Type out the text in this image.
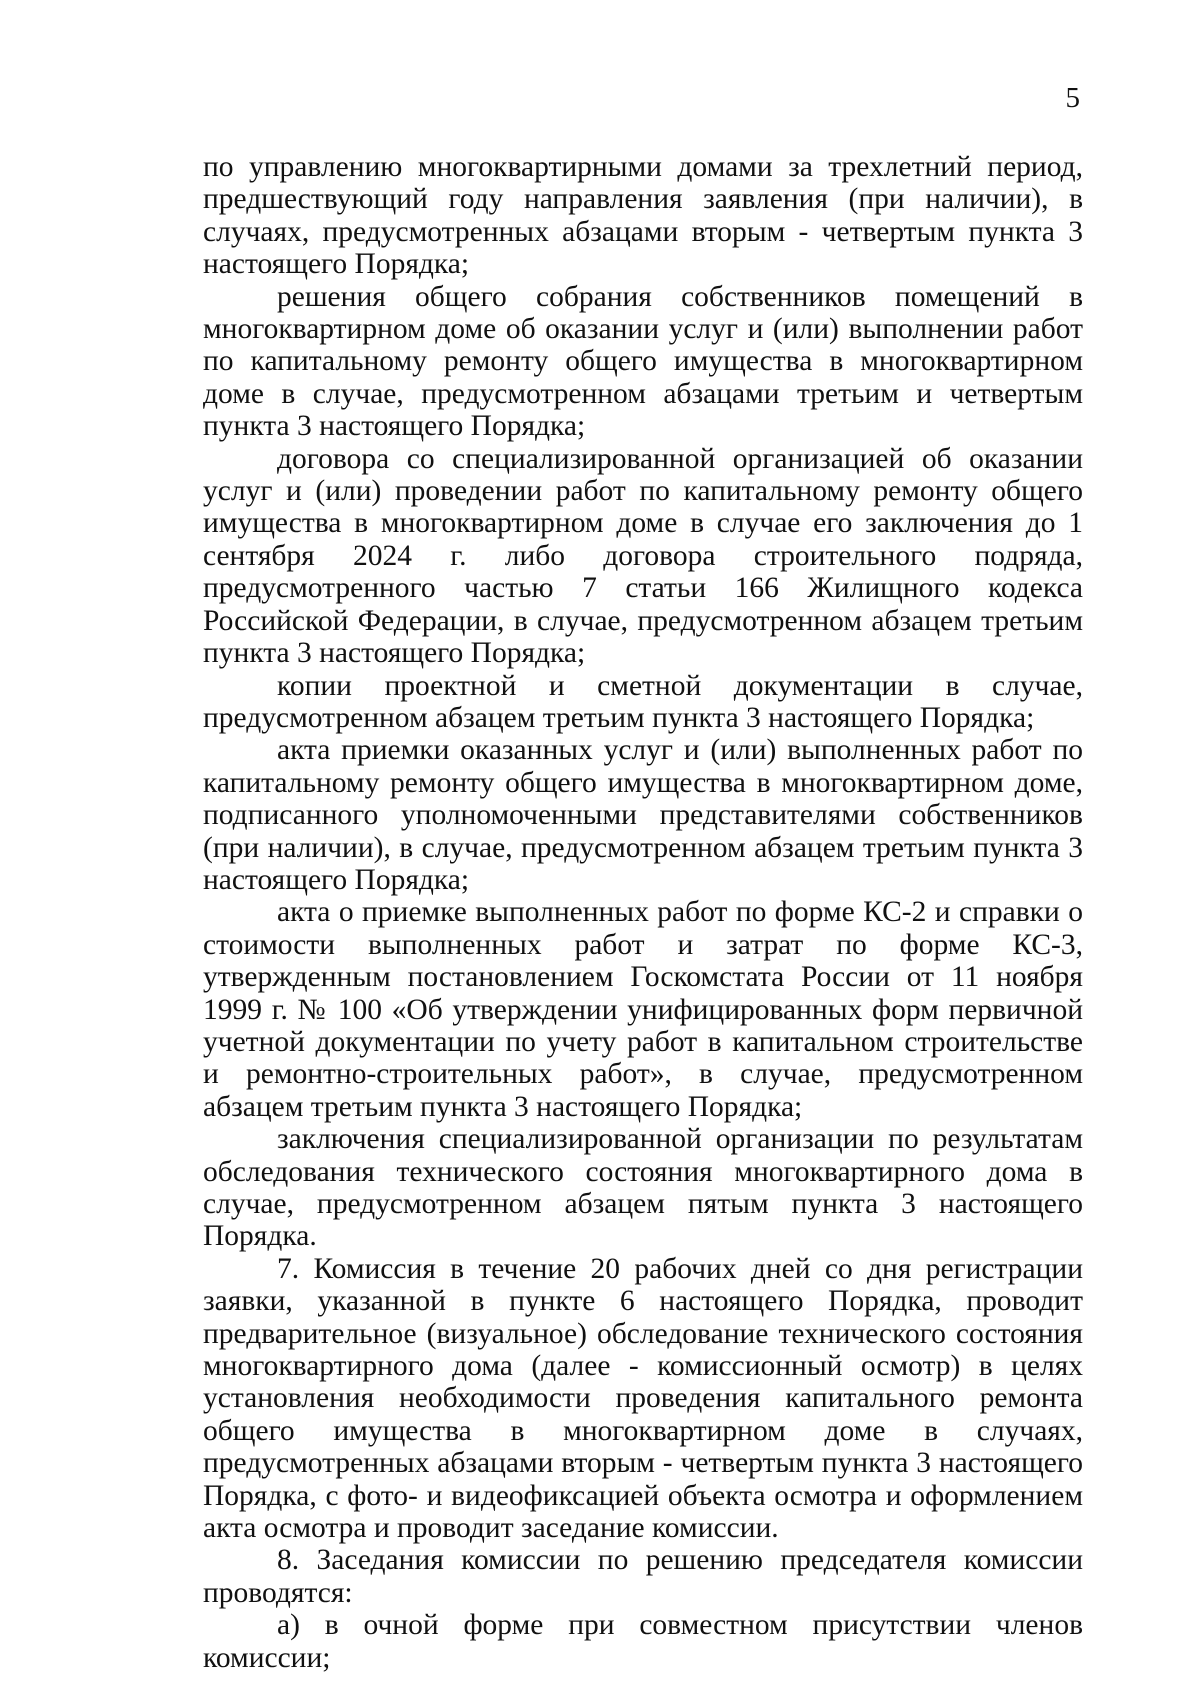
5

по управлению многоквартирными домами за трехлетний период, предшествующий году направления заявления (при наличии), в случаях, предусмотренных абзацами вторым - четвертым пункта 3 настоящего Порядка;

решения общего собрания собственников помещений в многоквартирном доме об оказании услуг и (или) выполнении работ по капитальному ремонту общего имущества в многоквартирном доме в случае, предусмотренном абзацами третьим и четвертым пункта 3 настоящего Порядка;

договора со специализированной организацией об оказании услуг и (или) проведении работ по капитальному ремонту общего имущества в многоквартирном доме в случае его заключения до 1 сентября 2024 г. либо договора строительного подряда, предусмотренного частью 7 статьи 166 Жилищного кодекса Российской Федерации, в случае, предусмотренном абзацем третьим пункта 3 настоящего Порядка;

копии проектной и сметной документации в случае, предусмотренном абзацем третьим пункта 3 настоящего Порядка;

акта приемки оказанных услуг и (или) выполненных работ по капитальному ремонту общего имущества в многоквартирном доме, подписанного уполномоченными представителями собственников (при наличии), в случае, предусмотренном абзацем третьим пункта 3 настоящего Порядка;

акта о приемке выполненных работ по форме КС-2 и справки о стоимости выполненных работ и затрат по форме КС-3, утвержденным постановлением Госкомстата России от 11 ноября 1999 г. № 100 «Об утверждении унифицированных форм первичной учетной документации по учету работ в капитальном строительстве и ремонтно-строительных работ», в случае, предусмотренном абзацем третьим пункта 3 настоящего Порядка;

заключения специализированной организации по результатам обследования технического состояния многоквартирного дома в случае, предусмотренном абзацем пятым пункта 3 настоящего Порядка.

7. Комиссия в течение 20 рабочих дней со дня регистрации заявки, указанной в пункте 6 настоящего Порядка, проводит предварительное (визуальное) обследование технического состояния многоквартирного дома (далее - комиссионный осмотр) в целях установления необходимости проведения капитального ремонта общего имущества в многоквартирном доме в случаях, предусмотренных абзацами вторым - четвертым пункта 3 настоящего Порядка, с фото- и видеофиксацией объекта осмотра и оформлением акта осмотра и проводит заседание комиссии.

8. Заседания комиссии по решению председателя комиссии проводятся:

а) в очной форме при совместном присутствии членов комиссии;
